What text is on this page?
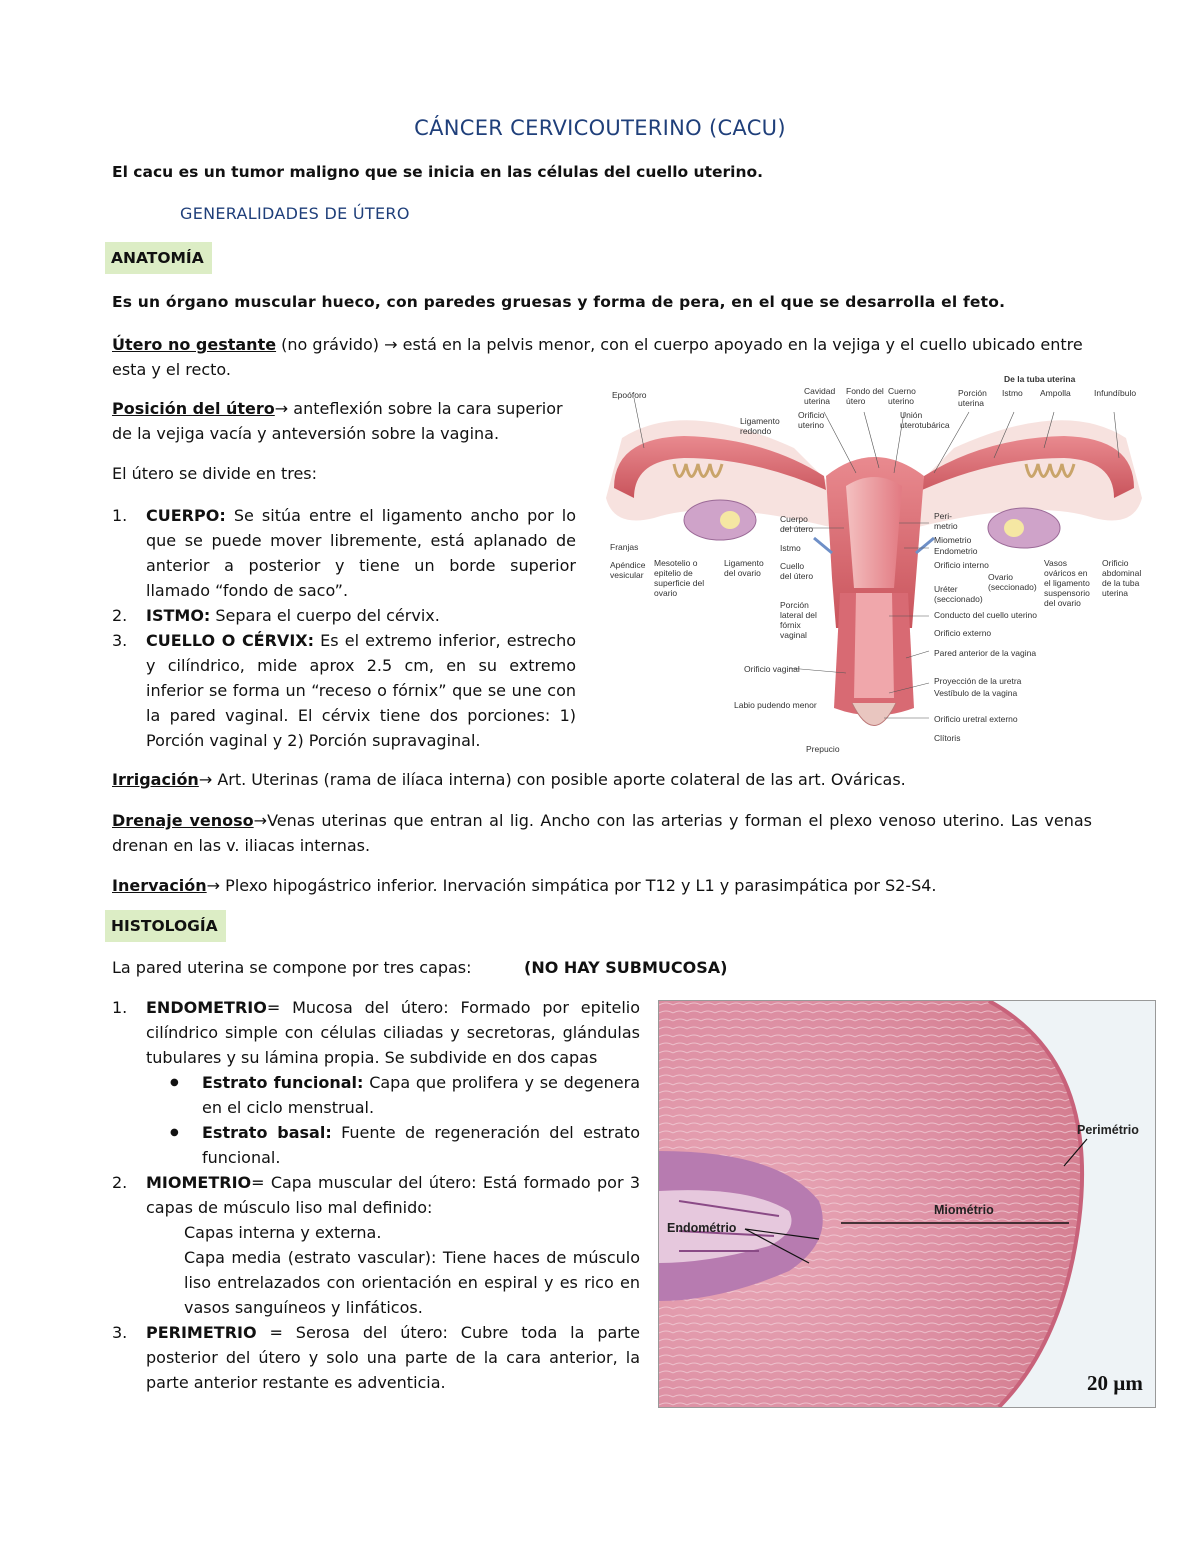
CÁNCER CERVICOUTERINO (CACU)
El cacu es un tumor maligno que se inicia en las células del cuello uterino.
GENERALIDADES DE ÚTERO
ANATOMÍA
Es un órgano muscular hueco, con paredes gruesas y forma de pera, en el que se desarrolla el feto.
Útero no gestante (no grávido) → está en la pelvis menor, con el cuerpo apoyado en la vejiga y el cuello ubicado entre esta y el recto.
Posición del útero→ anteflexión sobre la cara superior de la vejiga vacía y anteversión sobre la vagina.
El útero se divide en tres:
1. CUERPO: Se sitúa entre el ligamento ancho por lo que se puede mover libremente, está aplanado de anterior a posterior y tiene un borde superior llamado “fondo de saco”.
2. ISTMO: Separa el cuerpo del cérvix.
3. CUELLO O CÉRVIX: Es el extremo inferior, estrecho y cilíndrico, mide aprox 2.5 cm, en su extremo inferior se forma un “receso o fórnix” que se une con la pared vaginal. El cérvix tiene dos porciones: 1) Porción vaginal y 2) Porción supravaginal.
Epoóforo
Ligamento redondo
Cavidad uterina
Orificio uterino
Fondo del útero
Cuerno uterino
Unión uterotubárica
Porción uterina
Istmo Ampolla	Infundíbulo
De la tuba uterina
Franjas
Apéndice vesicular
Mesotelio o epitelio de superficie del ovario
Ligamento del ovario
Cuerpo del útero
Istmo
Cuello del útero
Porción lateral del fórnix vaginal
Peri- metrio
Miometrio
Endometrio
Orificio interno
Uréter (seccionado)
Ovario (seccionado)
Vasos ováricos en el ligamento suspensorio del ovario
Orificio abdominal de la tuba uterina
Conducto del cuello uterino
Orificio externo
Pared anterior de la vagina
Orificio vaginal
Proyección de la uretra
Vestíbulo de la vagina
Labio pudendo menor
Orificio uretral externo
Clítoris
Prepucio
Irrigación→ Art. Uterinas (rama de ilíaca interna) con posible aporte colateral de las art. Ováricas.
Drenaje venoso→Venas uterinas que entran al lig. Ancho con las arterias y forman el plexo venoso uterino. Las venas drenan en las v. iliacas internas.
Inervación→ Plexo hipogástrico inferior. Inervación simpática por T12 y L1 y parasimpática por S2-S4.
HISTOLOGÍA
La pared uterina se compone por tres capas:	(NO HAY SUBMUCOSA)
1. ENDOMETRIO= Mucosa del útero: Formado por epitelio cilíndrico simple con células ciliadas y secretoras, glándulas tubulares y su lámina propia. Se subdivide en dos capas
● Estrato funcional: Capa que prolifera y se degenera en el ciclo menstrual.
● Estrato basal: Fuente de regeneración del estrato funcional.
2. MIOMETRIO= Capa muscular del útero: Está formado por 3 capas de músculo liso mal definido:
Capas interna y externa.
Capa media (estrato vascular): Tiene haces de músculo liso entrelazados con orientación en espiral y es rico en vasos sanguíneos y linfáticos.
3. PERIMETRIO = Serosa del útero: Cubre toda la parte posterior del útero y solo una parte de la cara anterior, la parte anterior restante es adventicia.
Perimétrio
Miométrio
Endométrio
20 µm
